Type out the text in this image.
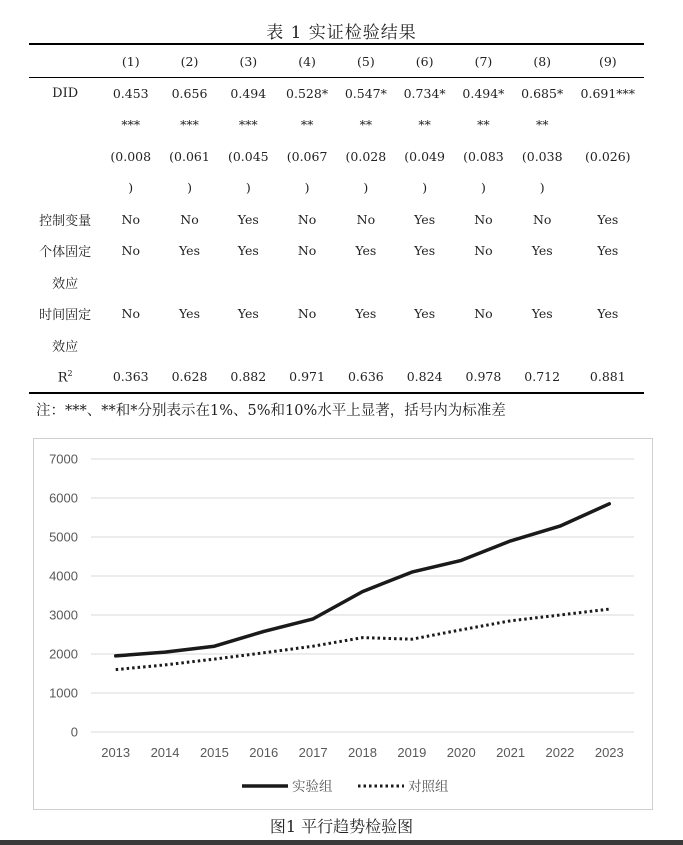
表 1 实证检验结果
	(1)	(2)	(3)	(4)	(5)	(6)	(7)	(8)	(9)
DID	0.453	0.656	0.494	0.528*	0.547*	0.734*	0.494*	0.685*	0.691***
	***	***	***	**	**	**	**	**	
	(0.008	(0.061	(0.045	(0.067	(0.028	(0.049	(0.083	(0.038	(0.026)
	)	)	)	)	)	)	)	)	
控制变量	No	No	Yes	No	No	Yes	No	No	Yes
个体固定	No	Yes	Yes	No	Yes	Yes	No	Yes	Yes
效应									
时间固定	No	Yes	Yes	No	Yes	Yes	No	Yes	Yes
效应									
$R^2$	0.363	0.628	0.882	0.971	0.636	0.824	0.978	0.712	0.881
注：***、**和*分别表示在1%、5%和10%水平上显著，括号内为标准差
0
1000
2000
3000
4000
5000
6000
7000
2013 2014 2015 2016 2017 2018 2019 2020 2021 2022 2023
实验组	对照组
图1 平行趋势检验图
